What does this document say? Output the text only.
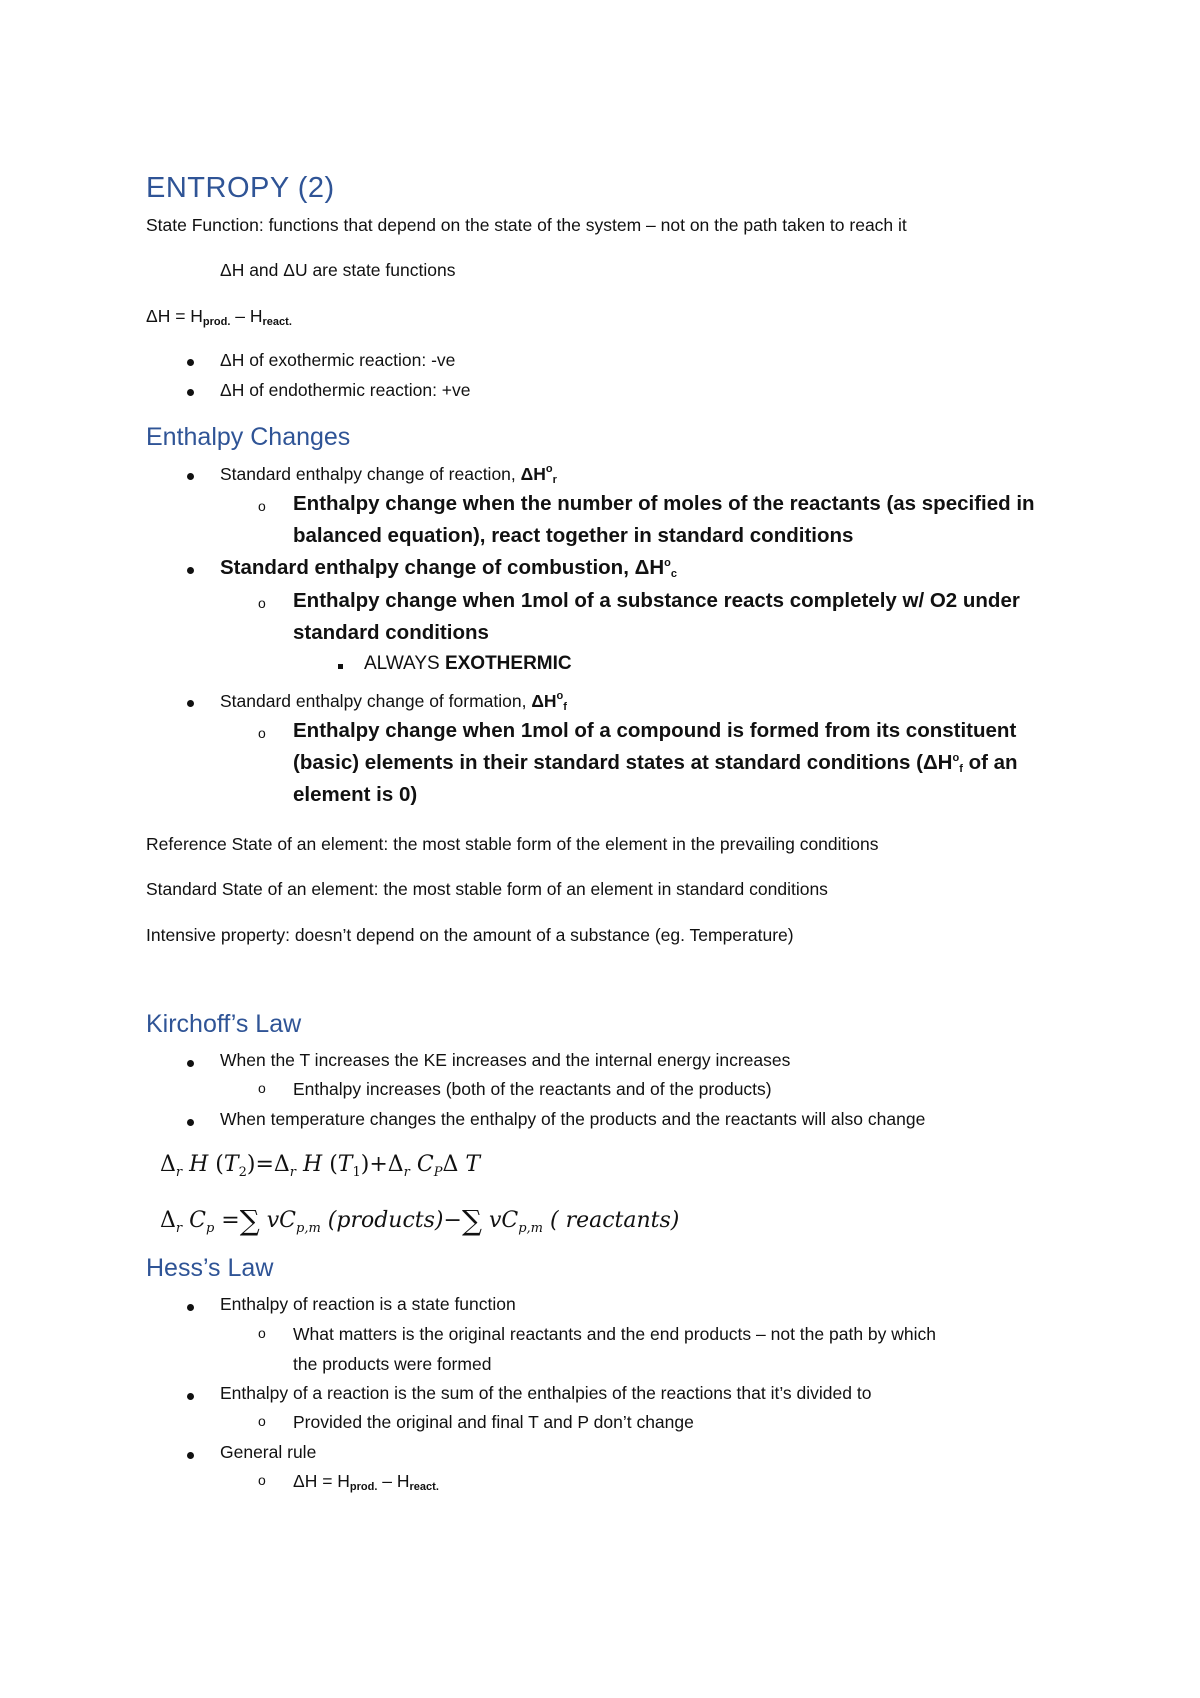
ENTROPY (2)
State Function: functions that depend on the state of the system – not on the path taken to reach it
ΔH and ΔU are state functions
$\Delta H = H_{prod.} - H_{react.}$
ΔH of exothermic reaction: -ve
ΔH of endothermic reaction: +ve
Enthalpy Changes
Standard enthalpy change of reaction, $\Delta H^o_r$
o Enthalpy change when the number of moles of the reactants (as specified in
balanced equation), react together in standard conditions
Standard enthalpy change of combustion, $\Delta H^o_c$
o Enthalpy change when 1mol of a substance reacts completely w/ O2 under
standard conditions
ALWAYS EXOTHERMIC
Standard enthalpy change of formation, $\Delta H^o_f$
o Enthalpy change when 1mol of a compound is formed from its constituent
(basic) elements in their standard states at standard conditions ($\Delta H^o_f$ of an
element is 0)
Reference State of an element: the most stable form of the element in the prevailing conditions
Standard State of an element: the most stable form of an element in standard conditions
Intensive property: doesn’t depend on the amount of a substance (eg. Temperature)
Kirchoff’s Law
When the T increases the KE increases and the internal energy increases
o Enthalpy increases (both of the reactants and of the products)
When temperature changes the enthalpy of the products and the reactants will also change
$\Delta_r$ H $(T_2)=\Delta_r$ H $(T_1)+\Delta_r$ $C_P\Delta$ T
$\Delta_r$ $C_p$ =∑ $vC_{p,m}$ (products)−∑ $vC_{p,m}$ ( reactants)
Hess’s Law
Enthalpy of reaction is a state function
o What matters is the original reactants and the end products – not the path by which
the products were formed
Enthalpy of a reaction is the sum of the enthalpies of the reactions that it’s divided to
o Provided the original and final T and P don’t change
General rule
o $\Delta H = H_{prod.} - H_{react.}$
